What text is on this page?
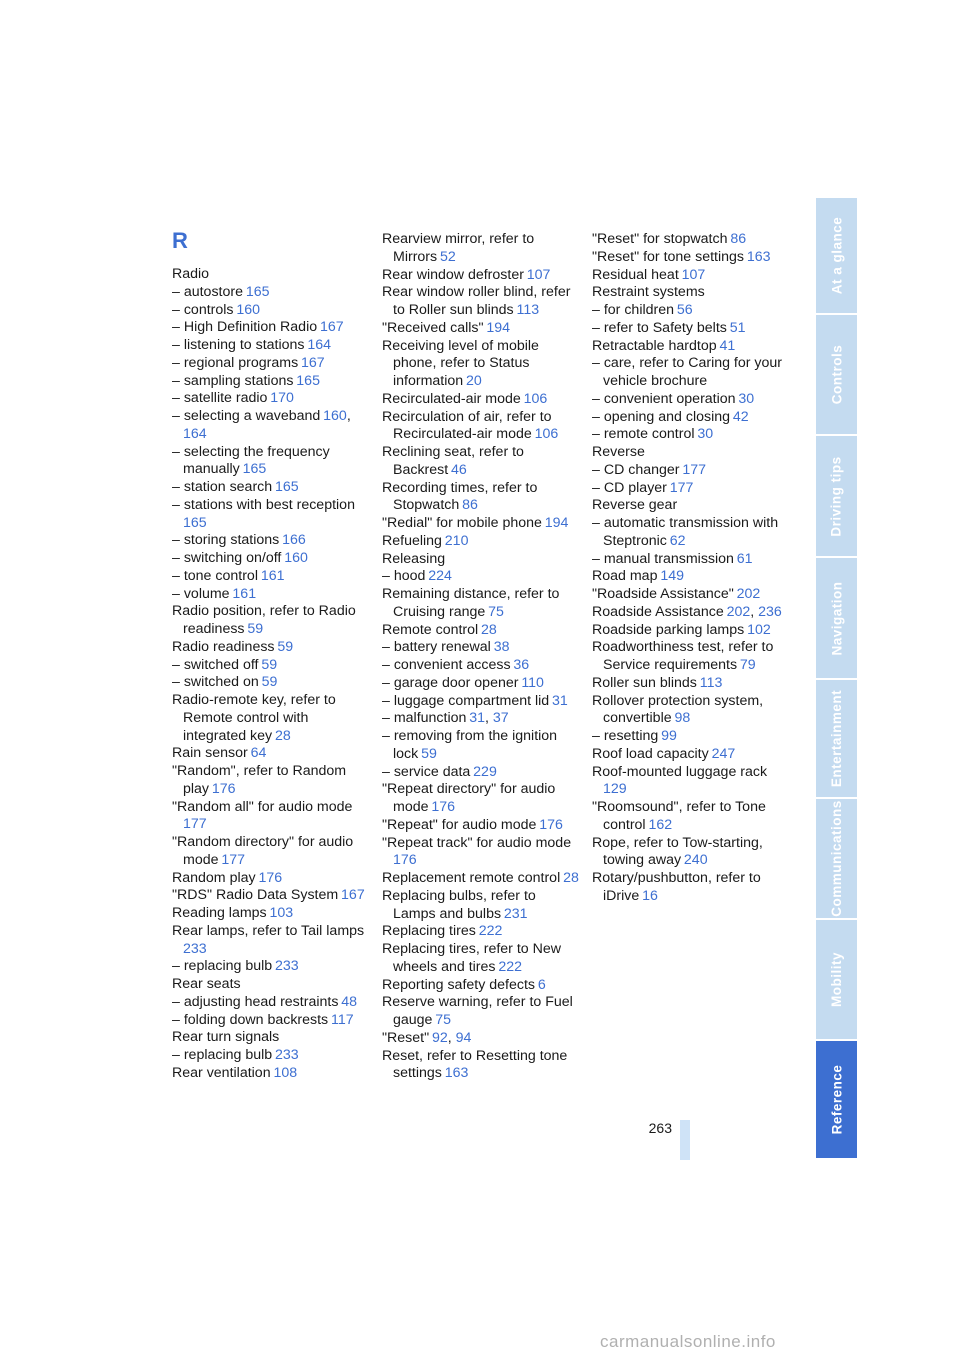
R
Radio
– autostore  165
– controls  160
– High Definition Radio  167
– listening to stations  164
– regional programs  167
– sampling stations  165
– satellite radio  170
– selecting a waveband  160, 164
– selecting the frequency manually  165
– station search  165
– stations with best reception 165
– storing stations  166
– switching on/off  160
– tone control  161
– volume  161
Radio position, refer to Radio readiness  59
Radio readiness  59
– switched off  59
– switched on  59
Radio-remote key, refer to Remote control with integrated key  28
Rain sensor  64
"Random", refer to Random play  176
"Random all" for audio mode 177
"Random directory" for audio mode  177
Random play  176
"RDS" Radio Data System  167
Reading lamps  103
Rear lamps, refer to Tail lamps 233
– replacing bulb  233
Rear seats
– adjusting head restraints  48
– folding down backrests  117
Rear turn signals
– replacing bulb  233
Rear ventilation  108
Rearview mirror, refer to Mirrors  52
Rear window defroster  107
Rear window roller blind, refer to Roller sun blinds  113
"Received calls"  194
Receiving level of mobile phone, refer to Status information  20
Recirculated-air mode  106
Recirculation of air, refer to Recirculated-air mode  106
Reclining seat, refer to Backrest  46
Recording times, refer to Stopwatch  86
"Redial" for mobile phone  194
Refueling  210
Releasing
– hood  224
Remaining distance, refer to Cruising range  75
Remote control  28
– battery renewal  38
– convenient access  36
– garage door opener  110
– luggage compartment lid  31
– malfunction  31, 37
– removing from the ignition lock  59
– service data  229
"Repeat directory" for audio mode  176
"Repeat" for audio mode  176
"Repeat track" for audio mode 176
Replacement remote control  28
Replacing bulbs, refer to Lamps and bulbs  231
Replacing tires  222
Replacing tires, refer to New wheels and tires  222
Reporting safety defects  6
Reserve warning, refer to Fuel gauge  75
"Reset"  92, 94
Reset, refer to Resetting tone settings  163
"Reset" for stopwatch  86
"Reset" for tone settings  163
Residual heat  107
Restraint systems
– for children  56
– refer to Safety belts  51
Retractable hardtop  41
– care, refer to Caring for your vehicle brochure
– convenient operation  30
– opening and closing  42
– remote control  30
Reverse
– CD changer  177
– CD player  177
Reverse gear
– automatic transmission with Steptronic  62
– manual transmission  61
Road map  149
"Roadside Assistance"  202
Roadside Assistance  202, 236
Roadside parking lamps  102
Roadworthiness test, refer to Service requirements  79
Roller sun blinds  113
Rollover protection system, convertible  98
– resetting  99
Roof load capacity  247
Roof-mounted luggage rack 129
"Roomsound", refer to Tone control  162
Rope, refer to Tow-starting, towing away  240
Rotary/pushbutton, refer to iDrive  16
263
At a glance
Controls
Driving tips
Navigation
Entertainment
Communications
Mobility
Reference
carmanualsonline.info
